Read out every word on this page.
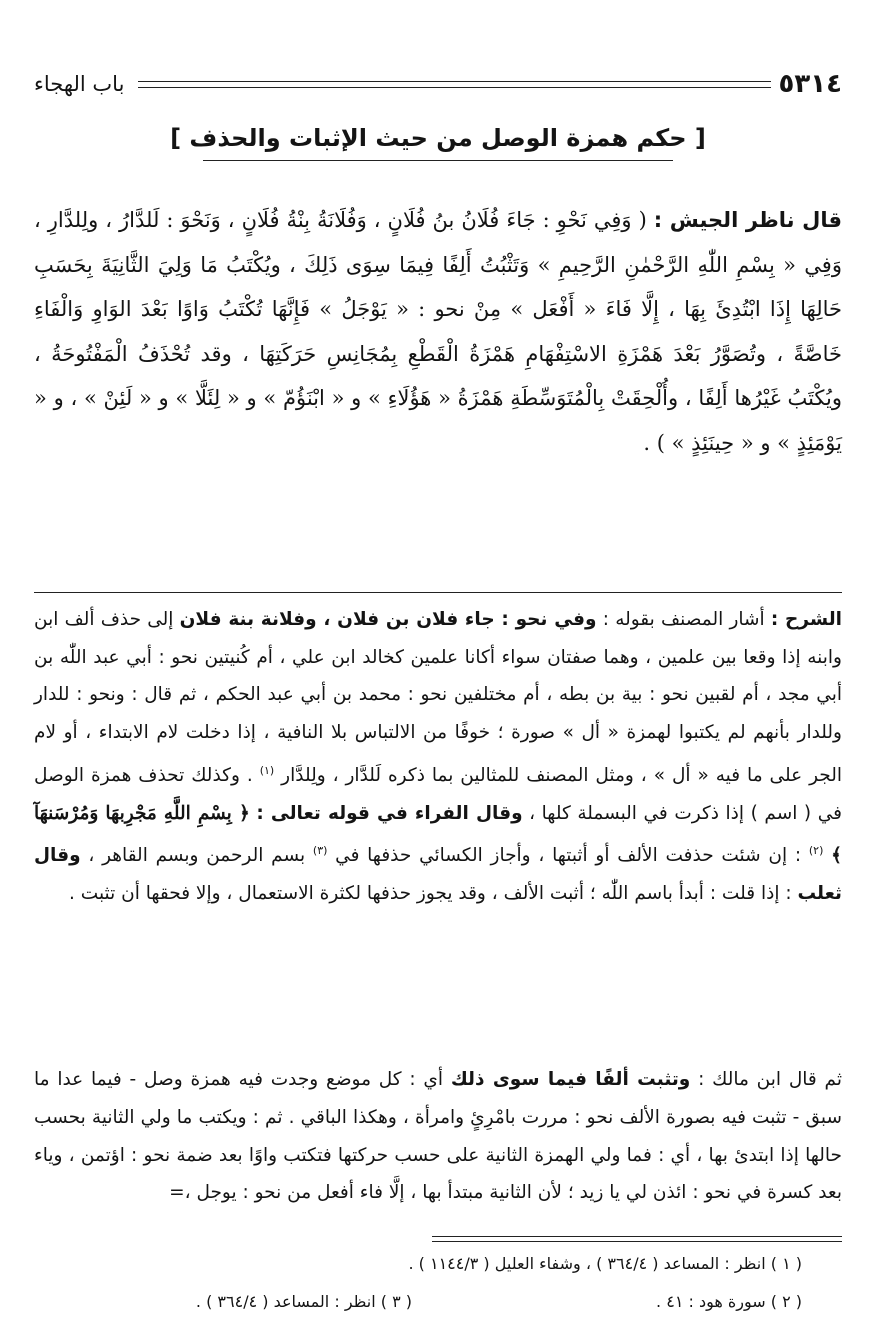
باب الهجاء	٥٣١٤
[ حكم همزة الوصل من حيث الإثبات والحذف ]

قال ناظر الجيش : ( وَفِي نَحْوِ : جَاءَ فُلَانُ بنُ فُلَانٍ ، وَفُلَانَةُ بِنْةُ فُلَانٍ ، وَنَحْوَ : لَلدَّارُ ، ولِلدَّارِ ، وَفِي « بِسْمِ اللّٰهِ الرَّحْمٰنِ الرَّحِيمِ » وَتَثْبُتُ أَلِفًا فِيمَا سِوَى ذَلِكَ ، ويُكْتَبُ مَا وَلِيَ الثَّانِيَةَ بِحَسَبِ حَالِهَا إِذَا ابْتُدِئَ بِهَا ، إِلَّا فَاءَ « أَفْعَل » مِنْ نحو : « يَوْجَلُ » فَإِنَّهَا تُكْتَبُ وَاوًا بَعْدَ الوَاوِ وَالْفَاءِ خَاصَّةً ، وتُصَوَّرُ بَعْدَ هَمْزَةِ الاسْتِفْهَامِ هَمْزَةُ الْقَطْعِ بِمُجَانِسِ حَرَكَتِهَا ، وقد تُحْذَفُ الْمَفْتُوحَةُ ، ويُكْتَبُ غَيْرُها أَلِفًا ، وأُلْحِقَتْ بِالْمُتَوَسِّطَةِ هَمْزَةُ « هَؤُلَاءِ » و « ابْنَؤُمّ » و « لِئَلَّا » و « لَئِنْ » ، و « يَوْمَئِذٍ » و « حِينَئِذٍ » ) .

الشرح : أشار المصنف بقوله : وفي نحو : جاء فلان بن فلان ، وفلانة بنة فلان إلى حذف ألف ابن وابنه إذا وقعا بين علمين ، وهما صفتان سواء أكانا علمين كخالد ابن علي ، أم كُنيتين نحو : أبي عبد اللّٰه بن أبي مجد ، أم لقبين نحو : بية بن بطه ، أم مختلفين نحو : محمد بن أبي عبد الحكم ، ثم قال : ونحو : للدار وللدار بأنهم لم يكتبوا لهمزة « أل » صورة ؛ خوفًا من الالتباس بلا النافية ، إذا دخلت لام الابتداء ، أو لام الجر على ما فيه « أل » ، ومثل المصنف للمثالين بما ذكره لَلدَّار ، ولِلدَّار $^{(١)}$ . وكذلك تحذف همزة الوصل في ( اسم ) إذا ذكرت في البسملة كلها ، وقال الفراء في قوله تعالى : ﴿ بِسْمِ اللَّهِ مَجْرِبهَا وَمُرْسَنهَآ ﴾ $^{(٢)}$ : إن شئت حذفت الألف أو أثبتها ، وأجاز الكسائي حذفها في $^{(٣)}$ بسم الرحمن وبسم القاهر ، وقال ثعلب : إذا قلت : أبدأ باسم اللّٰه ؛ أثبت الألف ، وقد يجوز حذفها لكثرة الاستعمال ، وإلا فحقها أن تثبت .

ثم قال ابن مالك : وتثبت ألفًا فيما سوى ذلك أي : كل موضع وجدت فيه همزة وصل - فيما عدا ما سبق - تثبت فيه بصورة الألف نحو : مررت بامْرِئٍ وامرأة ، وهكذا الباقي . ثم : ويكتب ما ولي الثانية بحسب حالها إذا ابتدئ بها ، أي : فما ولي الهمزة الثانية على حسب حركتها فتكتب واوًا بعد ضمة نحو : اؤتمن ، وياء بعد كسرة في نحو : ائذن لي يا زيد ؛ لأن الثانية مبتدأ بها ، إلَّا فاء أفعل من نحو : يوجل ،=

( ١ ) انظر : المساعد ( ٣٦٤/٤ ) ، وشفاء العليل ( ١١٤٤/٣ ) .

( ٢ ) سورة هود : ٤١ .

( ٣ ) انظر : المساعد ( ٣٦٤/٤ ) .
